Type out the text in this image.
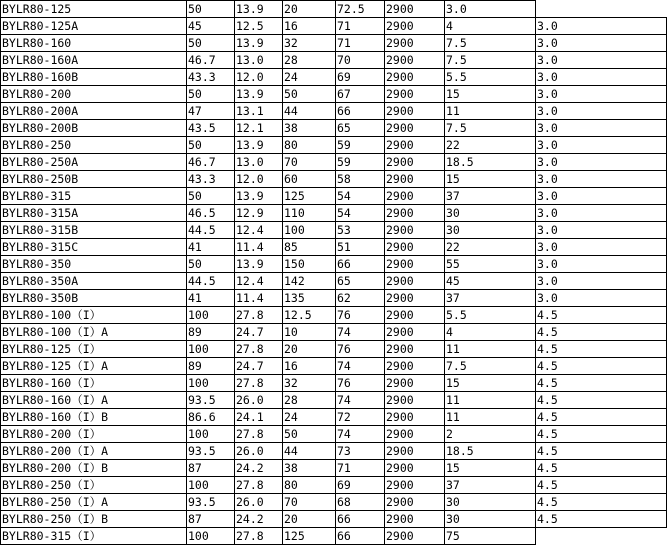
BYLR80-125	50	13.9	20	72.5	2900	3.0	
BYLR80-125A	45	12.5	16	71	2900	4	3.0
BYLR80-160	50	13.9	32	71	2900	7.5	3.0
BYLR80-160A	46.7	13.0	28	70	2900	7.5	3.0
BYLR80-160B	43.3	12.0	24	69	2900	5.5	3.0
BYLR80-200	50	13.9	50	67	2900	15	3.0
BYLR80-200A	47	13.1	44	66	2900	11	3.0
BYLR80-200B	43.5	12.1	38	65	2900	7.5	3.0
BYLR80-250	50	13.9	80	59	2900	22	3.0
BYLR80-250A	46.7	13.0	70	59	2900	18.5	3.0
BYLR80-250B	43.3	12.0	60	58	2900	15	3.0
BYLR80-315	50	13.9	125	54	2900	37	3.0
BYLR80-315A	46.5	12.9	110	54	2900	30	3.0
BYLR80-315B	44.5	12.4	100	53	2900	30	3.0
BYLR80-315C	41	11.4	85	51	2900	22	3.0
BYLR80-350	50	13.9	150	66	2900	55	3.0
BYLR80-350A	44.5	12.4	142	65	2900	45	3.0
BYLR80-350B	41	11.4	135	62	2900	37	3.0
BYLR80-100（I）	100	27.8	12.5	76	2900	5.5	4.5
BYLR80-100（I）A	89	24.7	10	74	2900	4	4.5
BYLR80-125（I）	100	27.8	20	76	2900	11	4.5
BYLR80-125（I）A	89	24.7	16	74	2900	7.5	4.5
BYLR80-160（I）	100	27.8	32	76	2900	15	4.5
BYLR80-160（I）A	93.5	26.0	28	74	2900	11	4.5
BYLR80-160（I）B	86.6	24.1	24	72	2900	11	4.5
BYLR80-200（I）	100	27.8	50	74	2900	2	4.5
BYLR80-200（I）A	93.5	26.0	44	73	2900	18.5	4.5
BYLR80-200（I）B	87	24.2	38	71	2900	15	4.5
BYLR80-250（I）	100	27.8	80	69	2900	37	4.5
BYLR80-250（I）A	93.5	26.0	70	68	2900	30	4.5
BYLR80-250（I）B	87	24.2	20	66	2900	30	4.5
BYLR80-315（I）	100	27.8	125	66	2900	75	
